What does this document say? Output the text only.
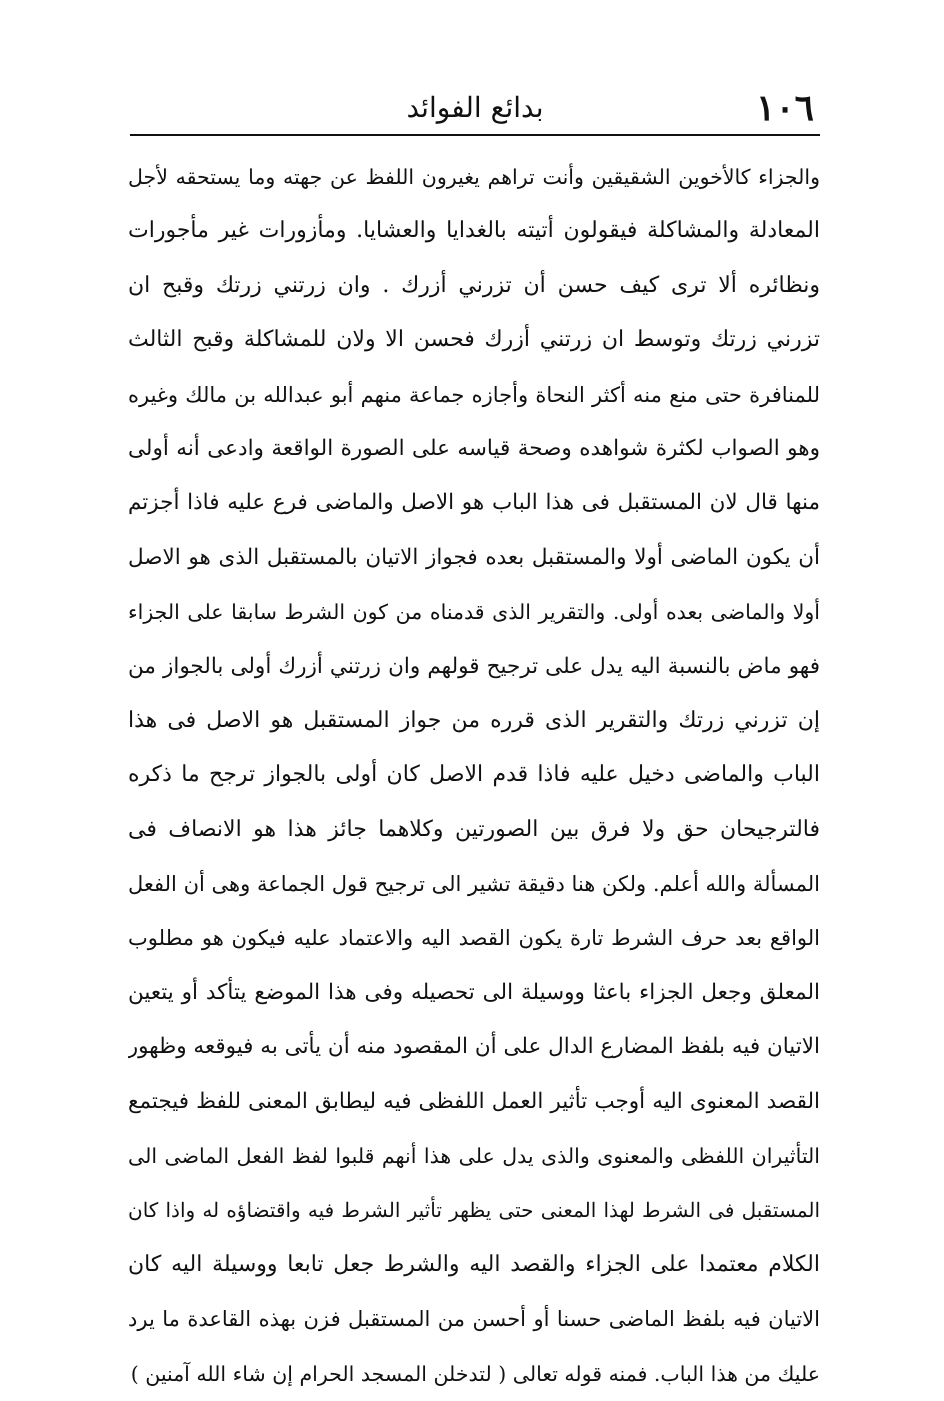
١٠٦
بدائع الفوائد
والجزاء كالأخوين الشقيقين وأنت تراهم يغيرون اللفظ عن جهته وما يستحقه لأجل
المعادلة والمشاكلة فيقولون أتيته بالغدايا والعشايا. ومأزورات غير مأجورات
ونظائره ألا ترى كيف حسن أن تزرني أزرك . وان زرتني زرتك وقبح ان
تزرني زرتك وتوسط ان زرتني أزرك فحسن الا ولان للمشاكلة وقبح الثالث
للمنافرة حتى منع منه أكثر النحاة وأجازه جماعة منهم أبو عبدالله بن مالك وغيره
وهو الصواب لكثرة شواهده وصحة قياسه على الصورة الواقعة وادعى أنه أولى
منها قال لان المستقبل فى هذا الباب هو الاصل والماضى فرع عليه فاذا أجزتم
أن يكون الماضى أولا والمستقبل بعده فجواز الاتيان بالمستقبل الذى هو الاصل
أولا والماضى بعده أولى. والتقرير الذى قدمناه من كون الشرط سابقا على الجزاء
فهو ماض بالنسبة اليه يدل على ترجيح قولهم وان زرتني أزرك أولى بالجواز من
إن تزرني زرتك والتقرير الذى قرره من جواز المستقبل هو الاصل فى هذا
الباب والماضى دخيل عليه فاذا قدم الاصل كان أولى بالجواز ترجح ما ذكره
فالترجيحان حق ولا فرق بين الصورتين وكلاهما جائز هذا هو الانصاف فى
المسألة والله أعلم. ولكن هنا دقيقة تشير الى ترجيح قول الجماعة وهى أن الفعل
الواقع بعد حرف الشرط تارة يكون القصد اليه والاعتماد عليه فيكون هو مطلوب
المعلق وجعل الجزاء باعثا ووسيلة الى تحصيله وفى هذا الموضع يتأكد أو يتعين
الاتيان فيه بلفظ المضارع الدال على أن المقصود منه أن يأتى به فيوقعه وظهور
القصد المعنوى اليه أوجب تأثير العمل اللفظى فيه ليطابق المعنى للفظ فيجتمع
التأثيران اللفظى والمعنوى والذى يدل على هذا أنهم قلبوا لفظ الفعل الماضى الى
المستقبل فى الشرط لهذا المعنى حتى يظهر تأثير الشرط فيه واقتضاؤه له واذا كان
الكلام معتمدا على الجزاء والقصد اليه والشرط جعل تابعا ووسيلة اليه كان
الاتيان فيه بلفظ الماضى حسنا أو أحسن من المستقبل فزن بهذه القاعدة ما يرد
عليك من هذا الباب. فمنه قوله تعالى ( لتدخلن المسجد الحرام إن شاء الله آمنين )
